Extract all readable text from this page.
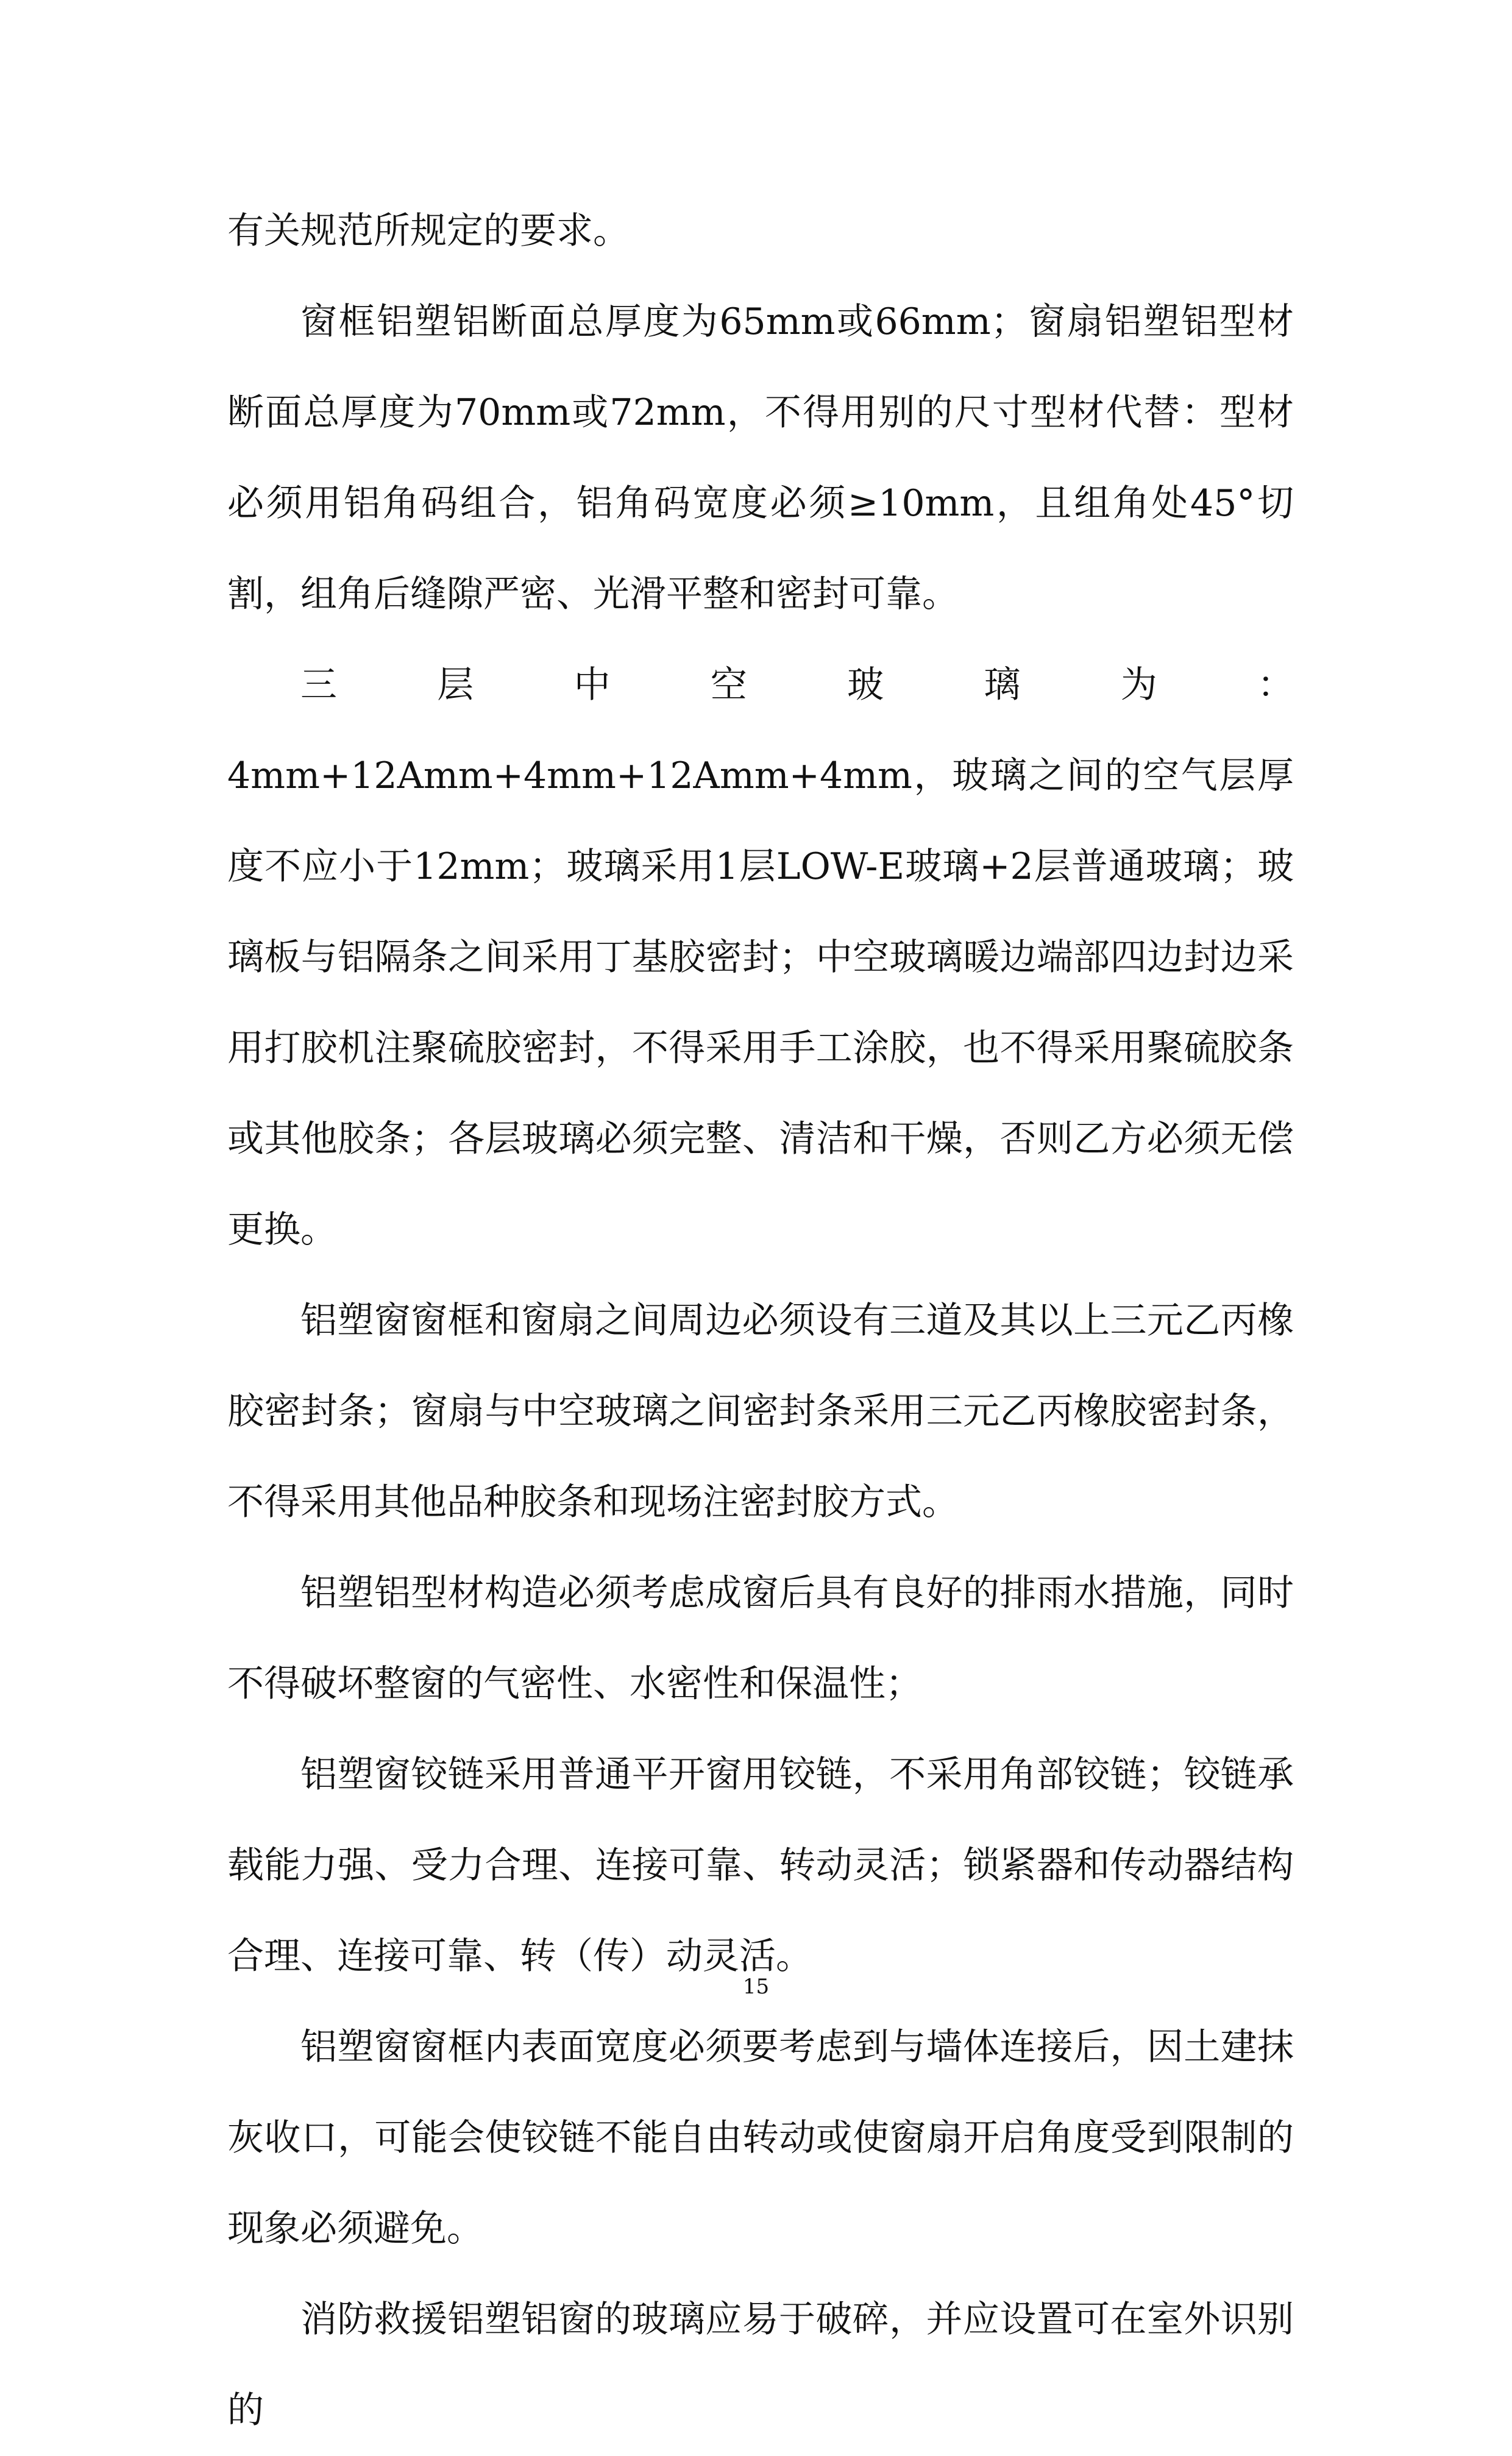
有关规范所规定的要求。

窗框铝塑铝断面总厚度为65mm或66mm；窗扇铝塑铝型材断面总厚度为70mm或72mm，不得用别的尺寸型材代替：型材必须用铝角码组合，铝角码宽度必须≥10mm，且组角处45°切割，组角后缝隙严密、光滑平整和密封可靠。

三层中空玻璃为：4mm+12Amm+4mm+12Amm+4mm，玻璃之间的空气层厚度不应小于12mm；玻璃采用1层LOW-E玻璃+2层普通玻璃；玻璃板与铝隔条之间采用丁基胶密封；中空玻璃暖边端部四边封边采用打胶机注聚硫胶密封，不得采用手工涂胶，也不得采用聚硫胶条或其他胶条；各层玻璃必须完整、清洁和干燥，否则乙方必须无偿更换。

铝塑窗窗框和窗扇之间周边必须设有三道及其以上三元乙丙橡胶密封条；窗扇与中空玻璃之间密封条采用三元乙丙橡胶密封条，不得采用其他品种胶条和现场注密封胶方式。

铝塑铝型材构造必须考虑成窗后具有良好的排雨水措施，同时不得破坏整窗的气密性、水密性和保温性；

铝塑窗铰链采用普通平开窗用铰链，不采用角部铰链；铰链承载能力强、受力合理、连接可靠、转动灵活；锁紧器和传动器结构合理、连接可靠、转（传）动灵活。

铝塑窗窗框内表面宽度必须要考虑到与墙体连接后，因土建抹灰收口，可能会使铰链不能自由转动或使窗扇开启角度受到限制的现象必须避免。

消防救援铝塑铝窗的玻璃应易于破碎，并应设置可在室外识别的

15
